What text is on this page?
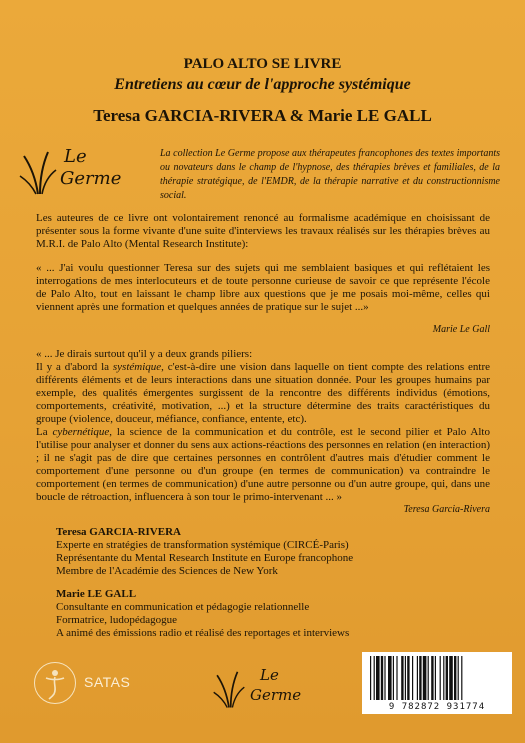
PALO ALTO SE LIVRE
Entretiens au cœur de l'approche systémique
Teresa GARCIA-RIVERA & Marie LE GALL
Le
Germe
La collection Le Germe propose aux thérapeutes francophones des textes importants ou novateurs dans le champ de l'hypnose, des thérapies brèves et familiales, de la thérapie stratégique, de l'EMDR, de la thérapie narrative et du constructionnisme social.
Les auteures de ce livre ont volontairement renoncé au formalisme académique en choisissant de présenter sous la forme vivante d'une suite d'interviews les travaux réalisés sur les thérapies brèves au M.R.I. de Palo Alto (Mental Research Institute):
« ... J'ai voulu questionner Teresa sur des sujets qui me semblaient basiques et qui reflétaient les interrogations de mes interlocuteurs et de toute personne curieuse de savoir ce que représente l'école de Palo Alto, tout en laissant le champ libre aux questions que je me posais moi-même, celles qui viennent après une formation et quelques années de pratique sur le sujet ...»
Marie Le Gall
« ... Je dirais surtout qu'il y a deux grands piliers:
Il y a d'abord la systémique, c'est-à-dire une vision dans laquelle on tient compte des relations entre différents éléments et de leurs interactions dans une situation donnée. Pour les groupes humains par exemple, des qualités émergentes surgissent de la rencontre des différents individus (émotions, comportements, créativité, motivation, ...) et la structure détermine des traits caractéristiques du groupe (violence, douceur, méfiance, confiance, entente, etc).
La cybernétique, la science de la communication et du contrôle, est le second pilier et Palo Alto l'utilise pour analyser et donner du sens aux actions-réactions des personnes en relation (en interaction) ; il ne s'agit pas de dire que certaines personnes en contrôlent d'autres mais d'étudier comment le comportement d'une personne ou d'un groupe (en termes de communication) va contraindre le comportement (en termes de communication) d'une autre personne ou d'un autre groupe, qui, dans une boucle de rétroaction, influencera à son tour le primo-intervenant ... »
Teresa Garcia-Rivera
Teresa GARCIA-RIVERA
Experte en stratégies de transformation systémique (CIRCÉ-Paris)
Représentante du Mental Research Institute en Europe francophone
Membre de l'Académie des Sciences de New York
Marie LE GALL
Consultante en communication et pédagogie relationnelle
Formatrice, ludopédagogue
A animé des émissions radio et réalisé des reportages et interviews
SATAS	Le
Germe
9 782872 931774
